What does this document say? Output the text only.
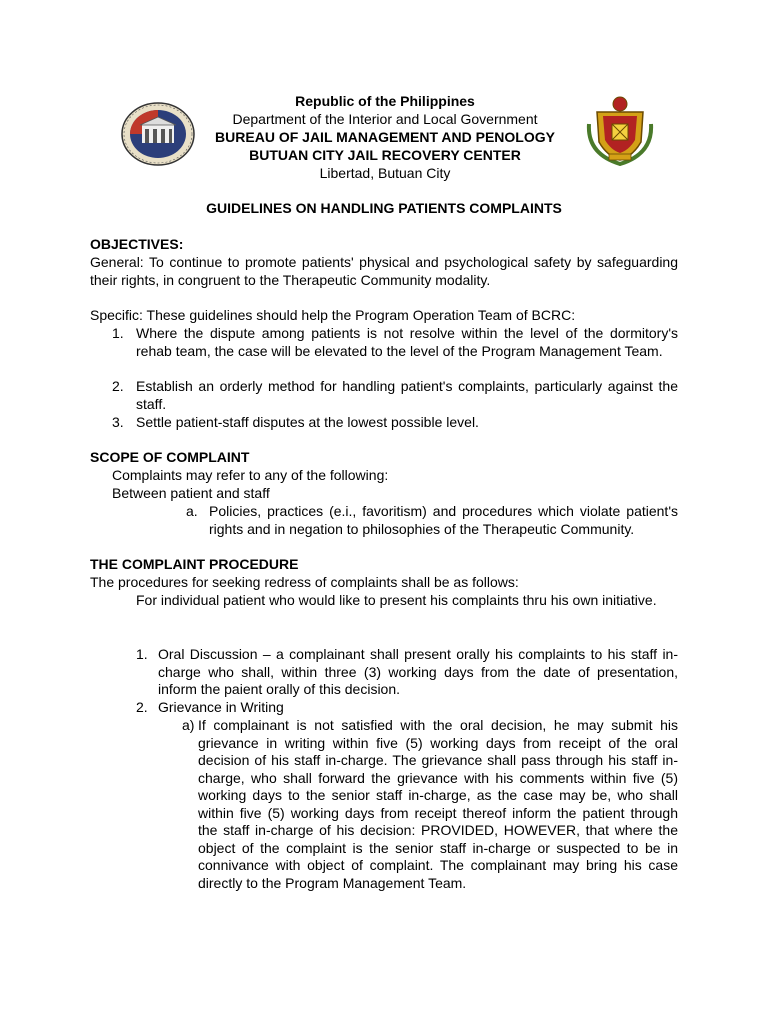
Republic of the Philippines
Department of the Interior and Local Government
BUREAU OF JAIL MANAGEMENT AND PENOLOGY
BUTUAN CITY JAIL RECOVERY CENTER
Libertad, Butuan City
GUIDELINES ON HANDLING PATIENTS COMPLAINTS
OBJECTIVES:
General: To continue to promote patients' physical and psychological safety by safeguarding their rights, in congruent to the Therapeutic Community modality.
Specific: These guidelines should help the Program Operation Team of BCRC:
1. Where the dispute among patients is not resolve within the level of the dormitory's rehab team, the case will be elevated to the level of the Program Management Team.
2. Establish an orderly method for handling patient's complaints, particularly against the staff.
3. Settle patient-staff disputes at the lowest possible level.
SCOPE OF COMPLAINT
Complaints may refer to any of the following:
Between patient and staff
a. Policies, practices (e.i., favoritism) and procedures which violate patient's rights and in negation to philosophies of the Therapeutic Community.
THE COMPLAINT PROCEDURE
The procedures for seeking redress of complaints shall be as follows:
For individual patient who would like to present his complaints thru his own initiative.
1. Oral Discussion – a complainant shall present orally his complaints to his staff in-charge who shall, within three (3) working days from the date of presentation, inform the paient orally of this decision.
2. Grievance in Writing
a) If complainant is not satisfied with the oral decision, he may submit his grievance in writing within five (5) working days from receipt of the oral decision of his staff in-charge. The grievance shall pass through his staff in-charge, who shall forward the grievance with his comments within five (5) working days to the senior staff in-charge, as the case may be, who shall within five (5) working days from receipt thereof inform the patient through the staff in-charge of his decision: PROVIDED, HOWEVER, that where the object of the complaint is the senior staff in-charge or suspected to be in connivance with object of complaint. The complainant may bring his case directly to the Program Management Team.
